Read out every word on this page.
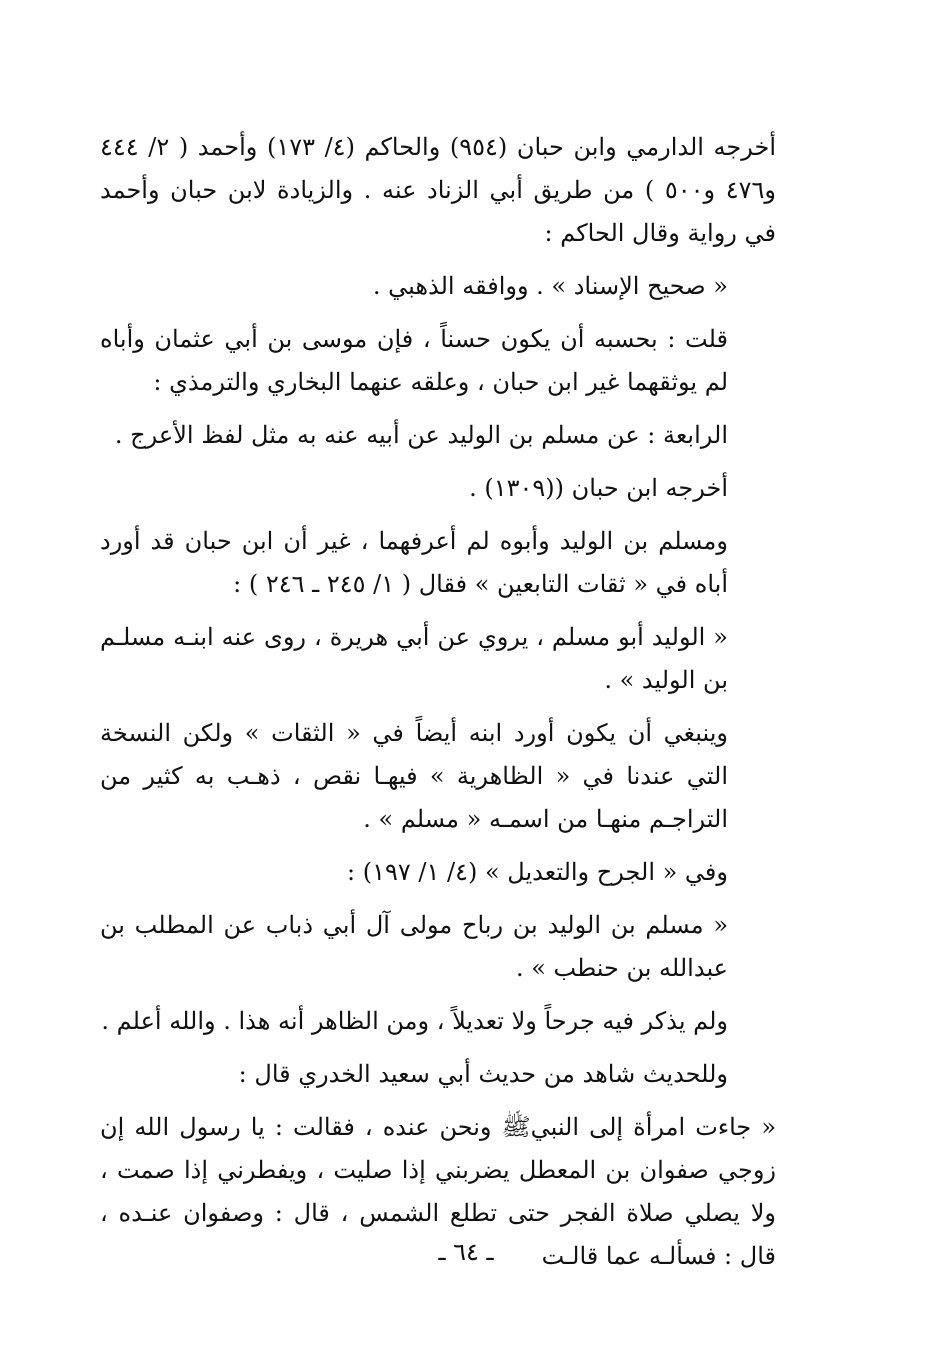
أخرجه الدارمي وابن حبان (٩٥٤) والحاكم (٤/ ١٧٣) وأحمد ( ٢/ ٤٤٤ و٤٧٦ و٥٠٠ ) من طريق أبي الزناد عنه . والزيادة لابن حبان وأحمد في رواية وقال الحاكم :

« صحيح الإسناد » . ووافقه الذهبي .

قلت : بحسبه أن يكون حسناً ، فإن موسى بن أبي عثمان وأباه لم يوثقهما غير ابن حبان ، وعلقه عنهما البخاري والترمذي :

الرابعة : عن مسلم بن الوليد عن أبيه عنه به مثل لفظ الأعرج .

أخرجه ابن حبان ((١٣٠٩) .

ومسلم بن الوليد وأبوه لم أعرفهما ، غير أن ابن حبان قد أورد أباه في « ثقات التابعين » فقال ( ١/ ٢٤٥ ـ ٢٤٦ ) :

« الوليد أبو مسلم ، يروي عن أبي هريرة ، روى عنه ابنـه مسلـم بن الوليد » .

وينبغي أن يكون أورد ابنه أيضاً في « الثقات » ولكن النسخة التي عندنا في « الظاهرية » فيهـا نقص ، ذهـب به كثير من التراجـم منهـا من اسمـه « مسلم » .

وفي « الجرح والتعديل » (٤/ ١/ ١٩٧) :

« مسلم بن الوليد بن رباح مولى آل أبي ذباب عن المطلب بن عبدالله بن حنطب » .

ولم يذكر فيه جرحاً ولا تعديلاً ، ومن الظاهر أنه هذا . والله أعلم .

وللحديث شاهد من حديث أبي سعيد الخدري قال :

« جاءت امرأة إلى النبيﷺ ونحن عنده ، فقالت : يا رسول الله إن زوجي صفوان بن المعطل يضربني إذا صليت ، ويفطرني إذا صمت ، ولا يصلي صلاة الفجر حتى تطلع الشمس ، قال : وصفوان عنـده ، قال : فسألـه عما قالـت

ـ ٦٤ ـ
